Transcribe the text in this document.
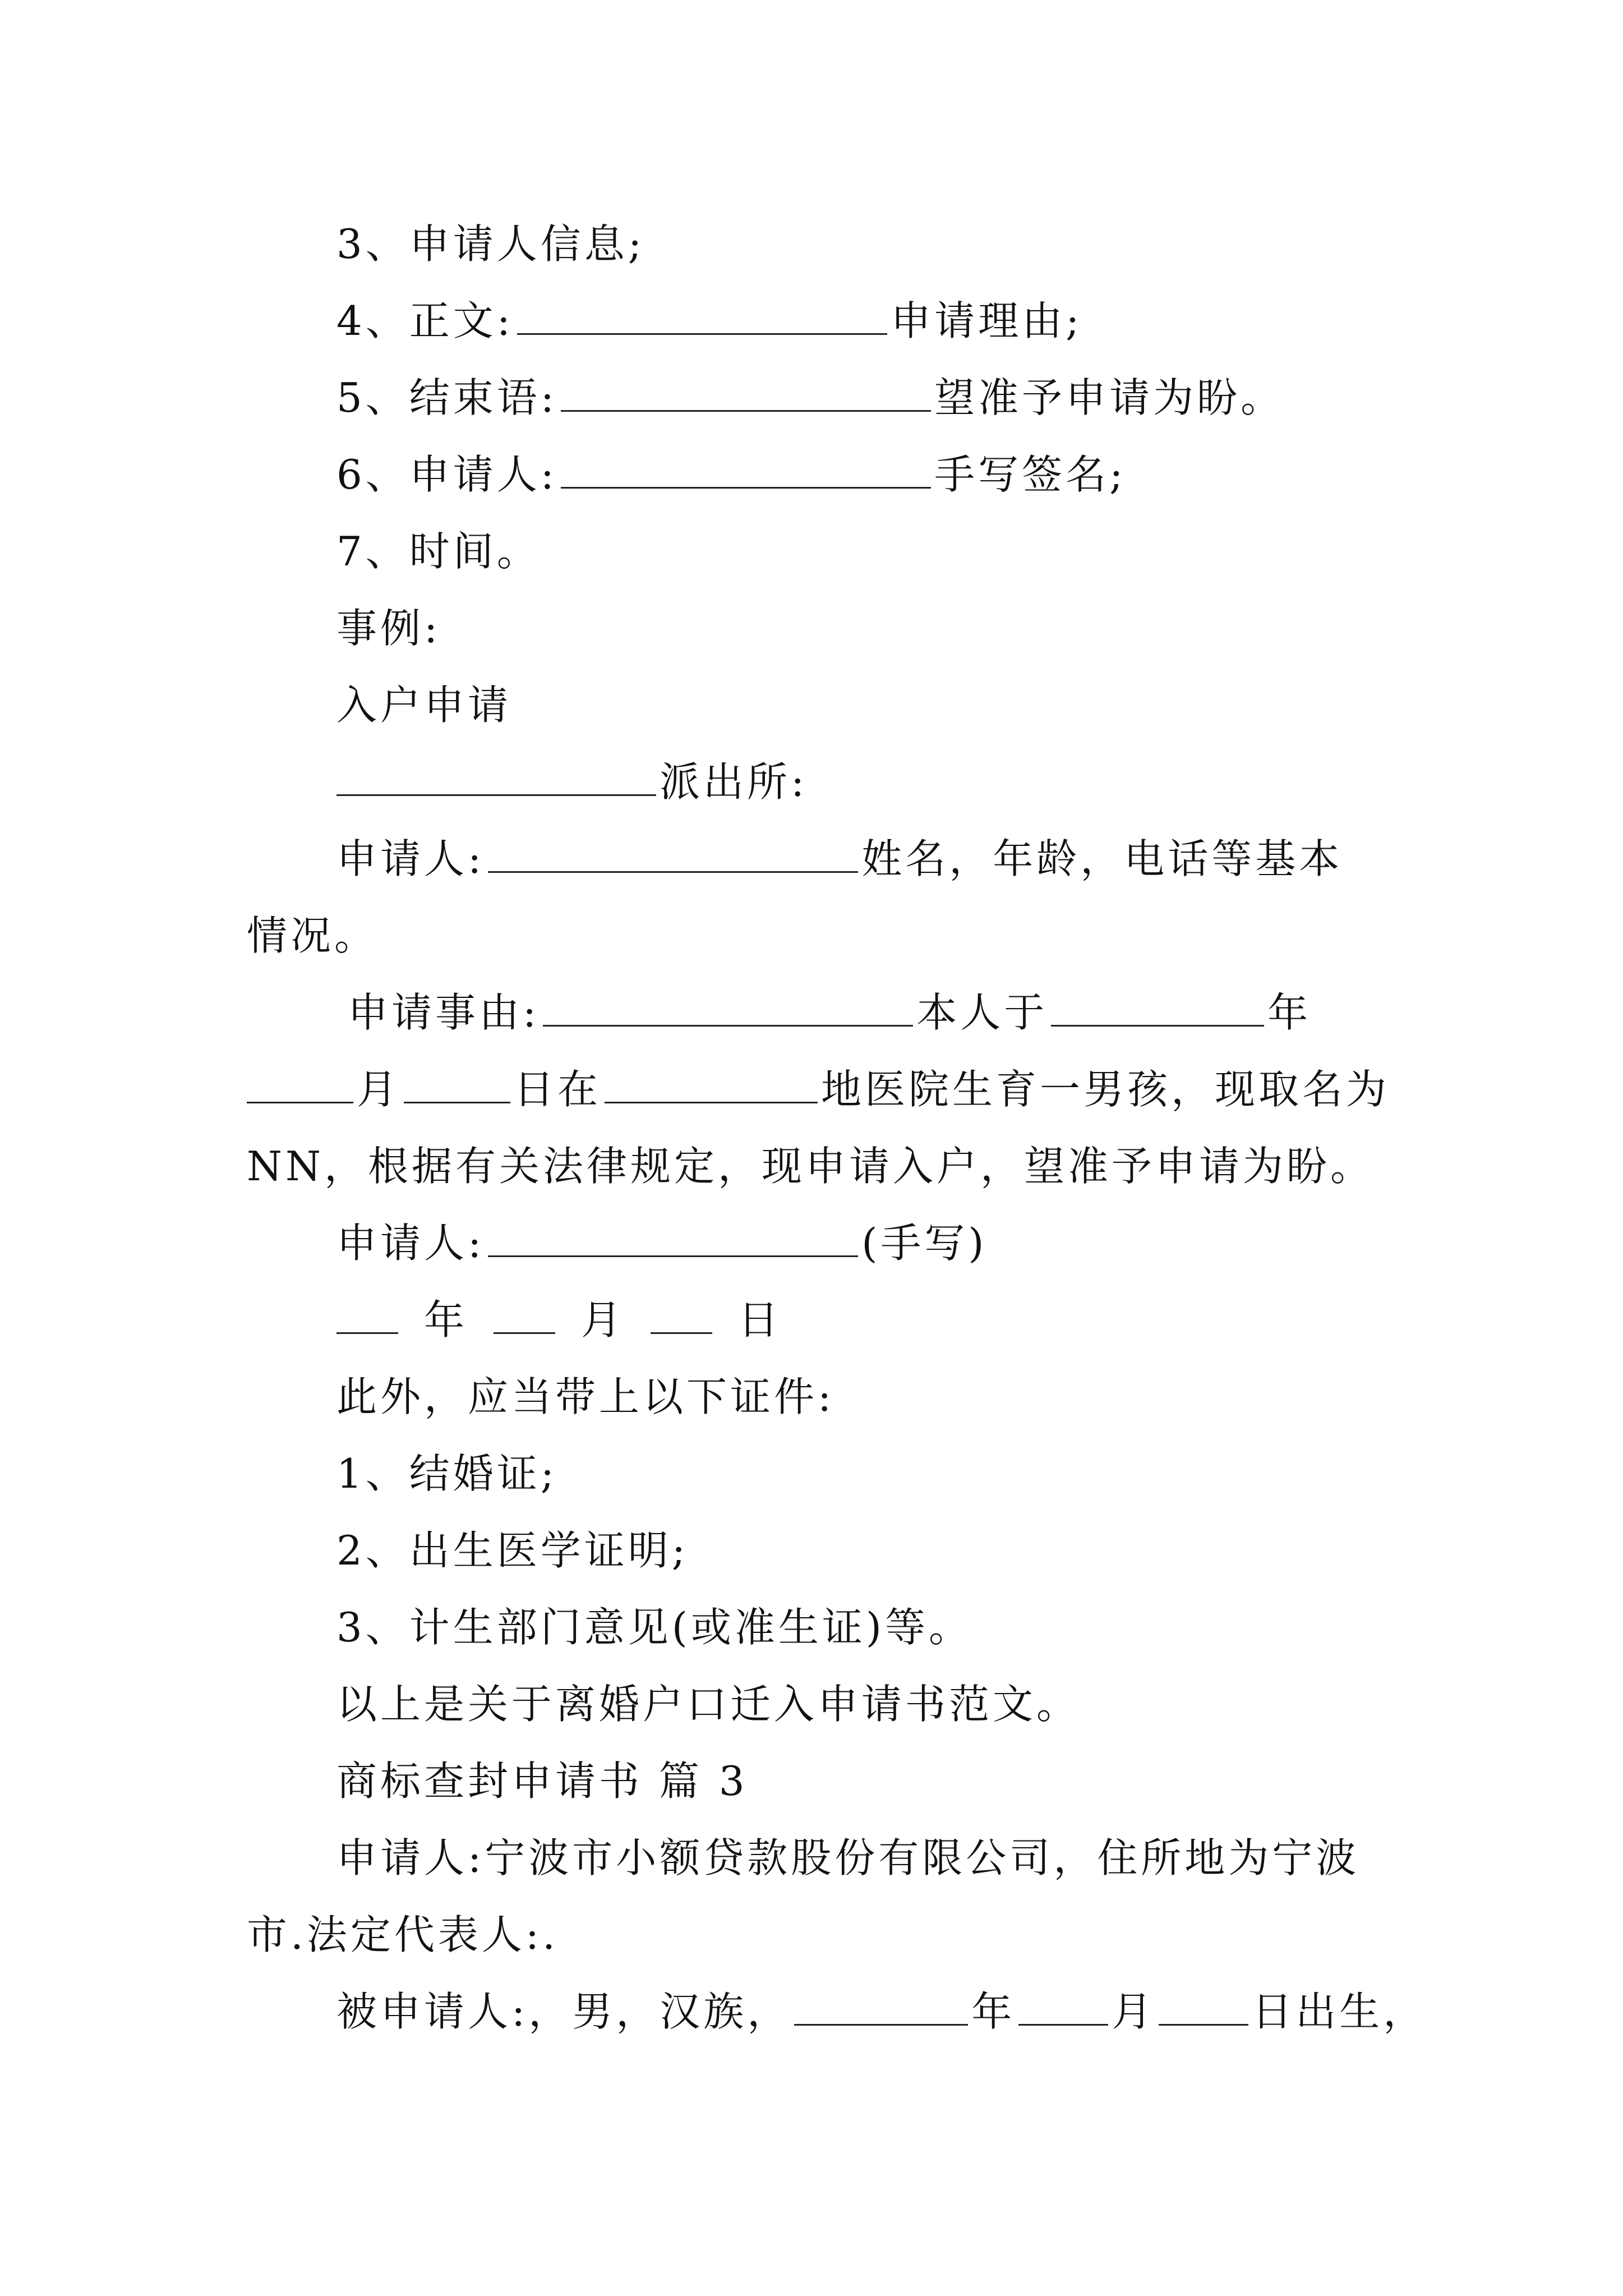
3、申请人信息;
4、正文:	申请理由;
5、结束语:	望准予申请为盼。
6、申请人:	手写签名;
7、时间。
事例:
入户申请
派出所:
申请人:	姓名，年龄，电话等基本
情况。
申请事由:	本人于	年
月	日在	地医院生育一男孩，现取名为
NN，根据有关法律规定，现申请入户，望准予申请为盼。
申请人:	(手写)
年	月	日
此外，应当带上以下证件:
1、结婚证;
2、出生医学证明;
3、计生部门意见(或准生证)等。
以上是关于离婚户口迁入申请书范文。
商标查封申请书 篇 3
申请人:宁波市小额贷款股份有限公司，住所地为宁波
市.法定代表人:.
被申请人:，男，汉族，	年 月 日出生，
